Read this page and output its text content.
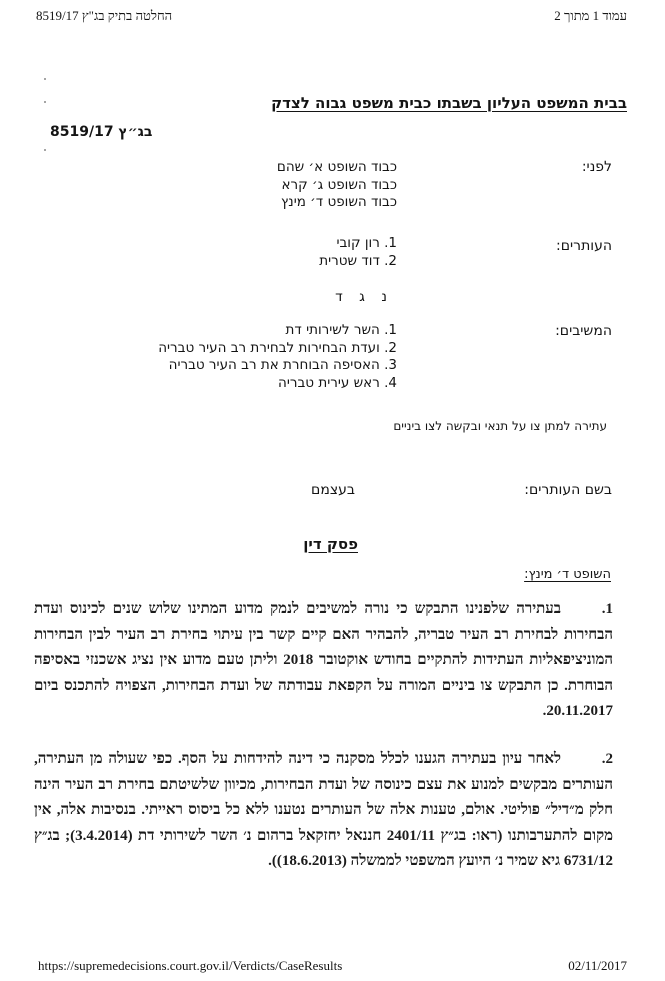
עמוד 1 מתוך 2
החלטה בתיק בג"ץ 8519/17
בבית המשפט העליון בשבתו כבית משפט גבוה לצדק
בג״ץ 8519/17
לפני:
כבוד השופט א׳ שהם
כבוד השופט ג׳ קרא
כבוד השופט ד׳ מינץ
העותרים:
1. רון קובי
2. דוד שטרית
נ ג ד
המשיבים:
1. השר לשירותי דת
2. ועדת הבחירות לבחירת רב העיר טבריה
3. האסיפה הבוחרת את רב העיר טבריה
4. ראש עירית טבריה
עתירה למתן צו על תנאי ובקשה לצו ביניים
בשם העותרים:
בעצמם
פסק דין
השופט ד׳ מינץ:
1.בעתירה שלפנינו התבקש כי נורה למשיבים לנמק מדוע המתינו שלוש שנים לכינוס ועדת הבחירות לבחירת רב העיר טבריה, להבהיר האם קיים קשר בין עיתוי בחירת רב העיר לבין הבחירות המוניציפאליות העתידות להתקיים בחודש אוקטובר 2018 וליתן טעם מדוע אין נציג אשכנזי באסיפה הבוחרת. כן התבקש צו ביניים המורה על הקפאת עבודתה של ועדת הבחירות, הצפויה להתכנס ביום 20.11.2017.
2.לאחר עיון בעתירה הגענו לכלל מסקנה כי דינה להידחות על הסף. כפי שעולה מן העתירה, העותרים מבקשים למנוע את עצם כינוסה של ועדת הבחירות, מכיוון שלשיטתם בחירת רב העיר הינה חלק מ״דיל״ פוליטי. אולם, טענות אלה של העותרים נטענו ללא כל ביסוס ראייתי. בנסיבות אלה, אין מקום להתערבותנו (ראו: בג״ץ 2401/11 חננאל יחזקאל ברהום נ׳ השר לשירותי דת (3.4.2014); בג״ץ 6731/12 גיא שמיר נ׳ היועץ המשפטי לממשלה (18.6.2013)).
https://supremedecisions.court.gov.il/Verdicts/CaseResults	02/11/2017
